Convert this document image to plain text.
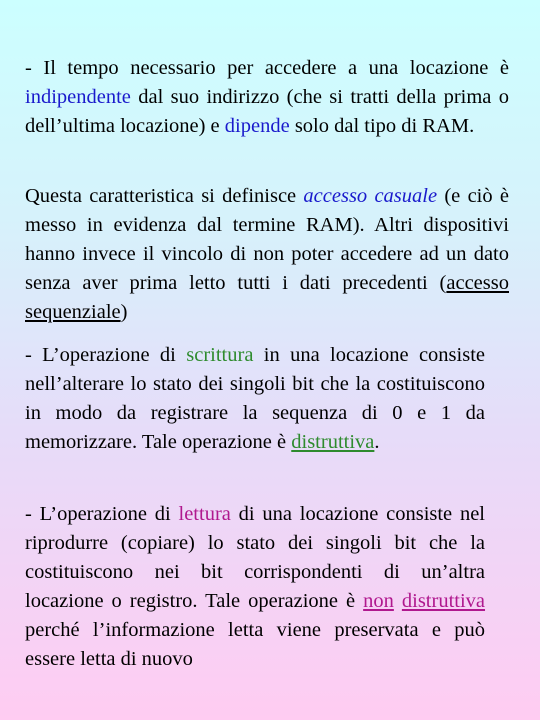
- Il tempo necessario per accedere a una locazione è indipendente dal suo indirizzo (che si tratti della prima o dell’ultima locazione) e dipende solo dal tipo di RAM.

Questa caratteristica si definisce accesso casuale (e ciò è messo in evidenza dal termine RAM). Altri dispositivi hanno invece il vincolo di non poter accedere ad un dato senza aver prima letto tutti i dati precedenti (accesso sequenziale)

- L’operazione di scrittura in una locazione consiste nell’alterare lo stato dei singoli bit che la costituiscono in modo da registrare la sequenza di 0 e 1 da memorizzare. Tale operazione è distruttiva.

- L’operazione di lettura di una locazione consiste nel riprodurre (copiare) lo stato dei singoli bit che la costituiscono nei bit corrispondenti di un’altra locazione o registro. Tale operazione è non distruttiva perché l’informazione letta viene preservata e può essere letta di nuovo
